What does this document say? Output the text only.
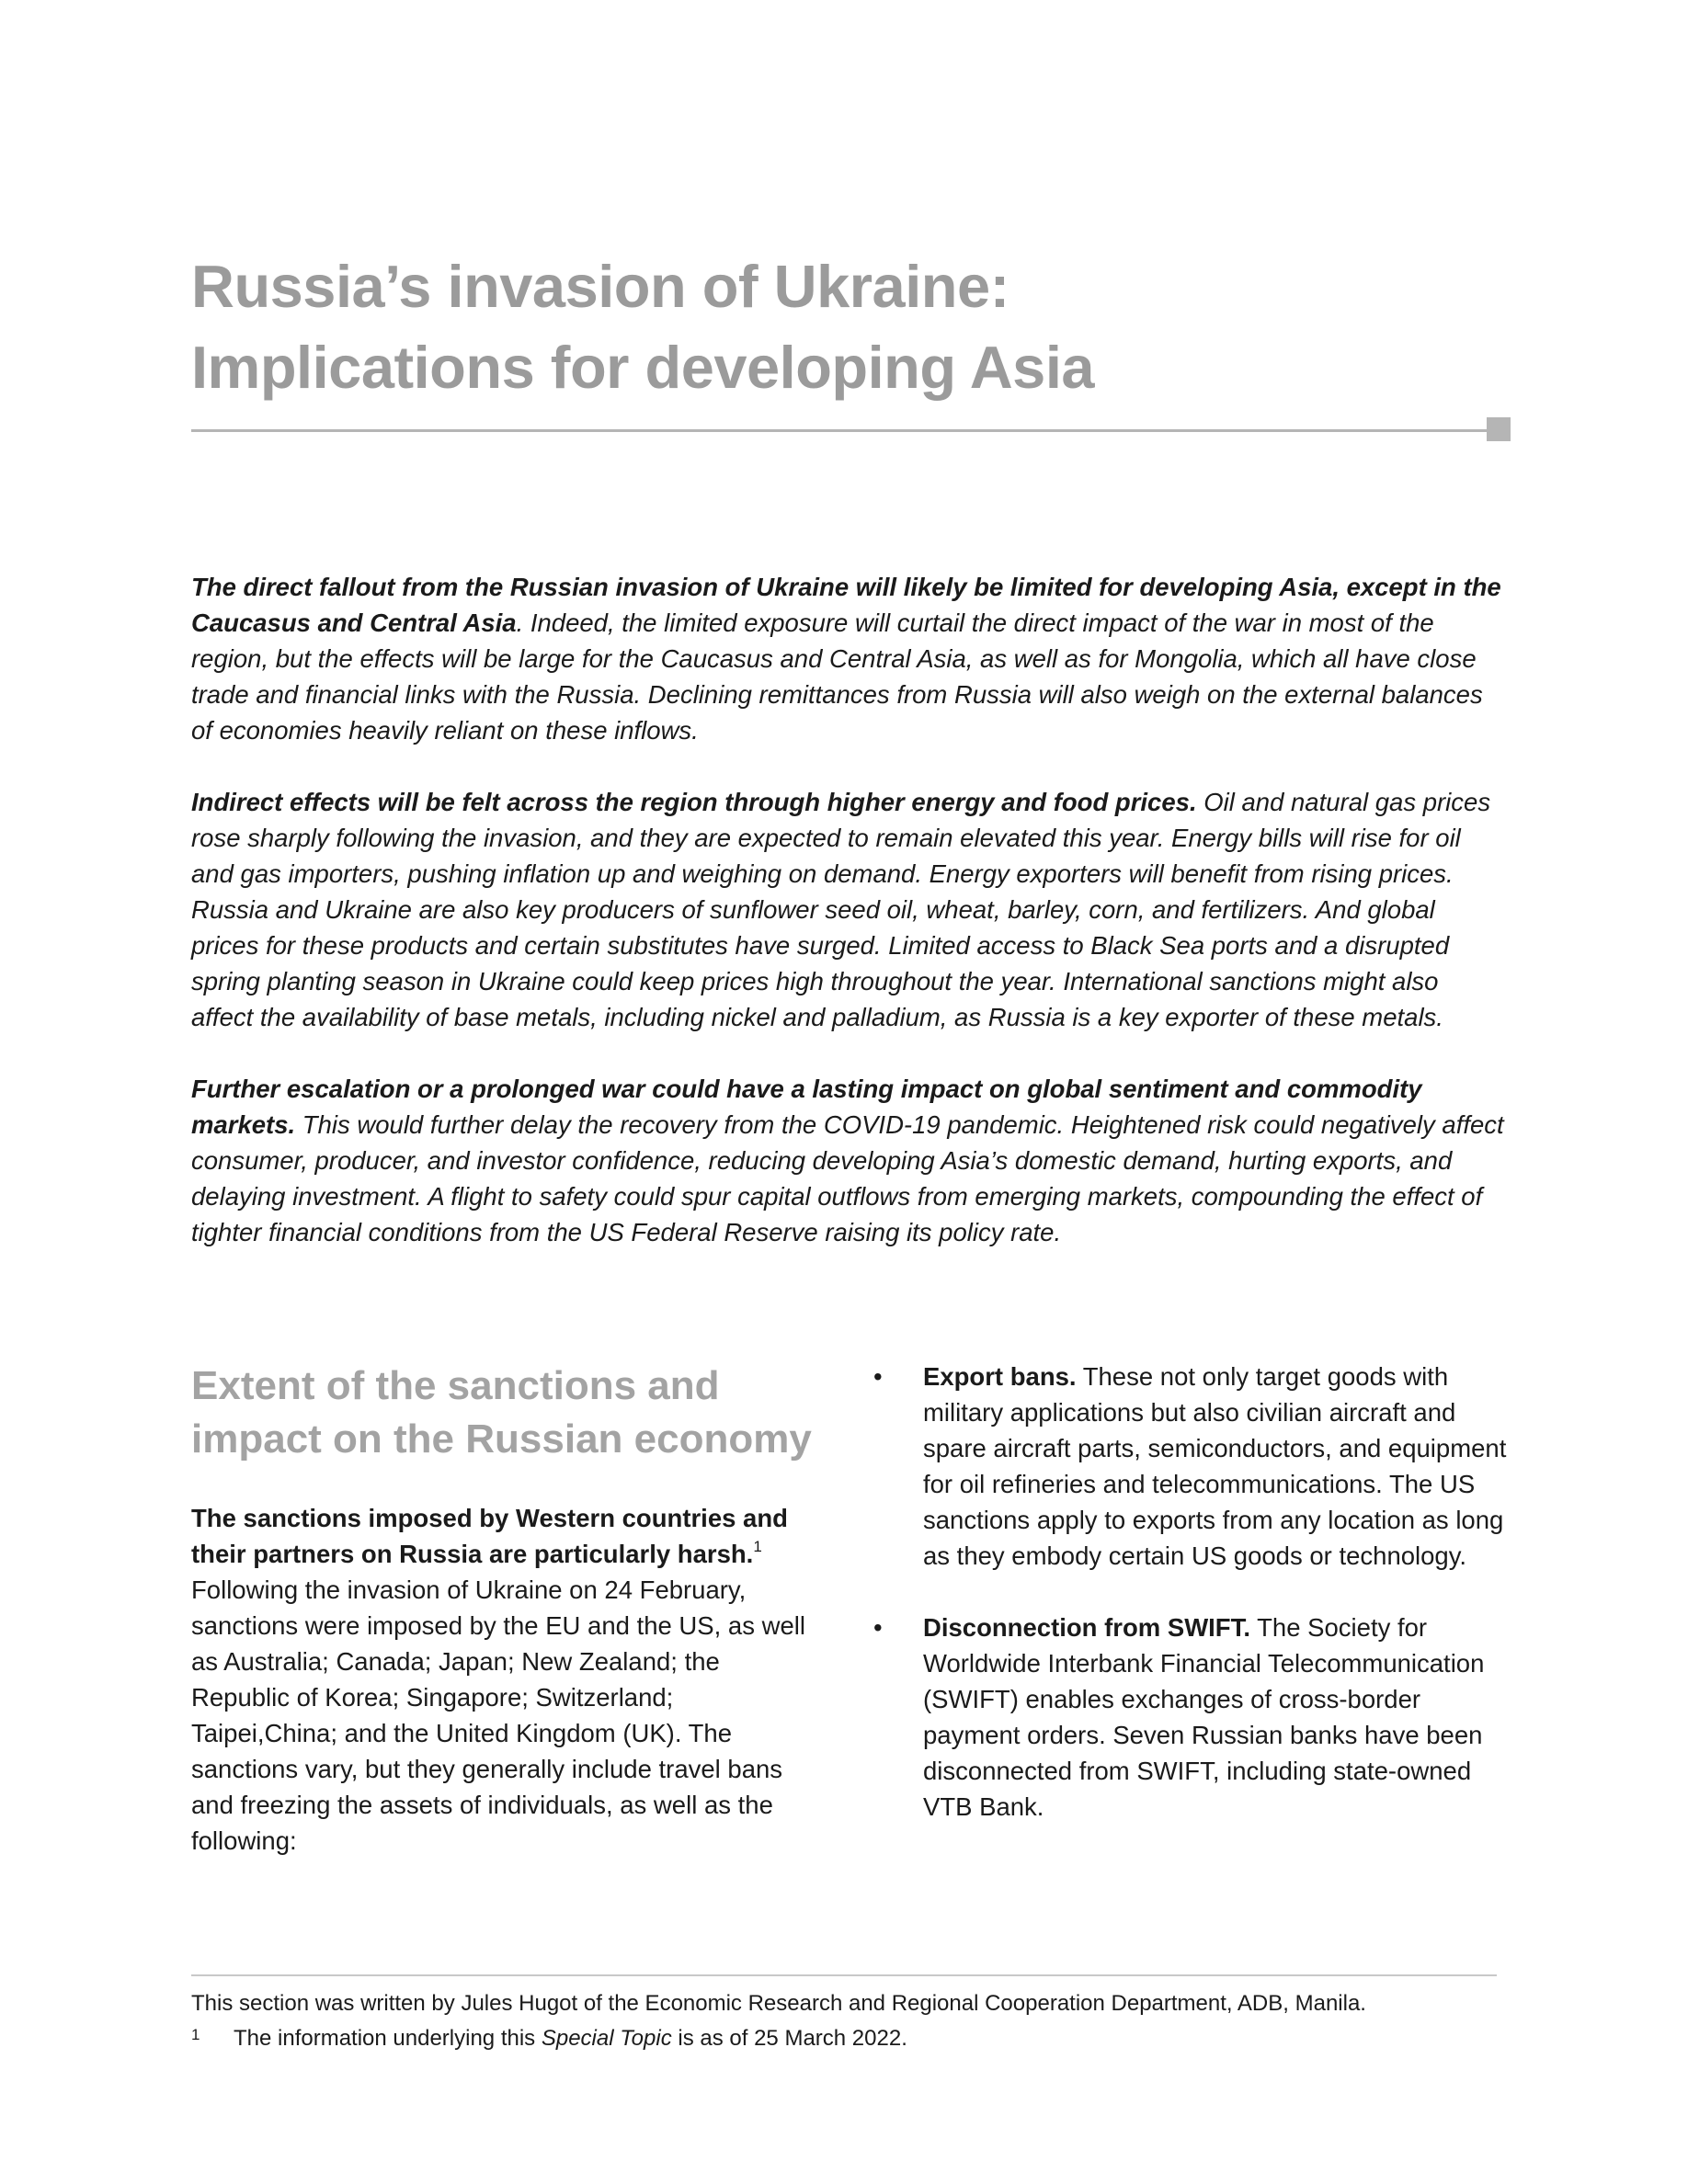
Russia’s invasion of Ukraine:
Implications for developing Asia

The direct fallout from the Russian invasion of Ukraine will likely be limited for developing Asia, except in the Caucasus and Central Asia. Indeed, the limited exposure will curtail the direct impact of the war in most of the region, but the effects will be large for the Caucasus and Central Asia, as well as for Mongolia, which all have close trade and financial links with the Russia. Declining remittances from Russia will also weigh on the external balances of economies heavily reliant on these inflows.

Indirect effects will be felt across the region through higher energy and food prices. Oil and natural gas prices rose sharply following the invasion, and they are expected to remain elevated this year. Energy bills will rise for oil and gas importers, pushing inflation up and weighing on demand. Energy exporters will benefit from rising prices. Russia and Ukraine are also key producers of sunflower seed oil, wheat, barley, corn, and fertilizers. And global prices for these products and certain substitutes have surged. Limited access to Black Sea ports and a disrupted spring planting season in Ukraine could keep prices high throughout the year. International sanctions might also affect the availability of base metals, including nickel and palladium, as Russia is a key exporter of these metals.

Further escalation or a prolonged war could have a lasting impact on global sentiment and commodity markets. This would further delay the recovery from the COVID-19 pandemic. Heightened risk could negatively affect consumer, producer, and investor confidence, reducing developing Asia’s domestic demand, hurting exports, and delaying investment. A flight to safety could spur capital outflows from emerging markets, compounding the effect of tighter financial conditions from the US Federal Reserve raising its policy rate.

Extent of the sanctions and
impact on the Russian economy
The sanctions imposed by Western countries and their partners on Russia are particularly harsh.$^1$ Following the invasion of Ukraine on 24 February, sanctions were imposed by the EU and the US, as well as Australia; Canada; Japan; New Zealand; the Republic of Korea; Singapore; Switzerland; Taipei,China; and the United Kingdom (UK). The sanctions vary, but they generally include travel bans and freezing the assets of individuals, as well as the following:
•	Export bans. These not only target goods with military applications but also civilian aircraft and spare aircraft parts, semiconductors, and equipment for oil refineries and telecommunications. The US sanctions apply to exports from any location as long as they embody certain US goods or technology.
•	Disconnection from SWIFT. The Society for Worldwide Interbank Financial Telecommunication (SWIFT) enables exchanges of cross-border payment orders. Seven Russian banks have been disconnected from SWIFT, including state-owned VTB Bank.
This section was written by Jules Hugot of the Economic Research and Regional Cooperation Department, ADB, Manila.
1 The information underlying this Special Topic is as of 25 March 2022.
